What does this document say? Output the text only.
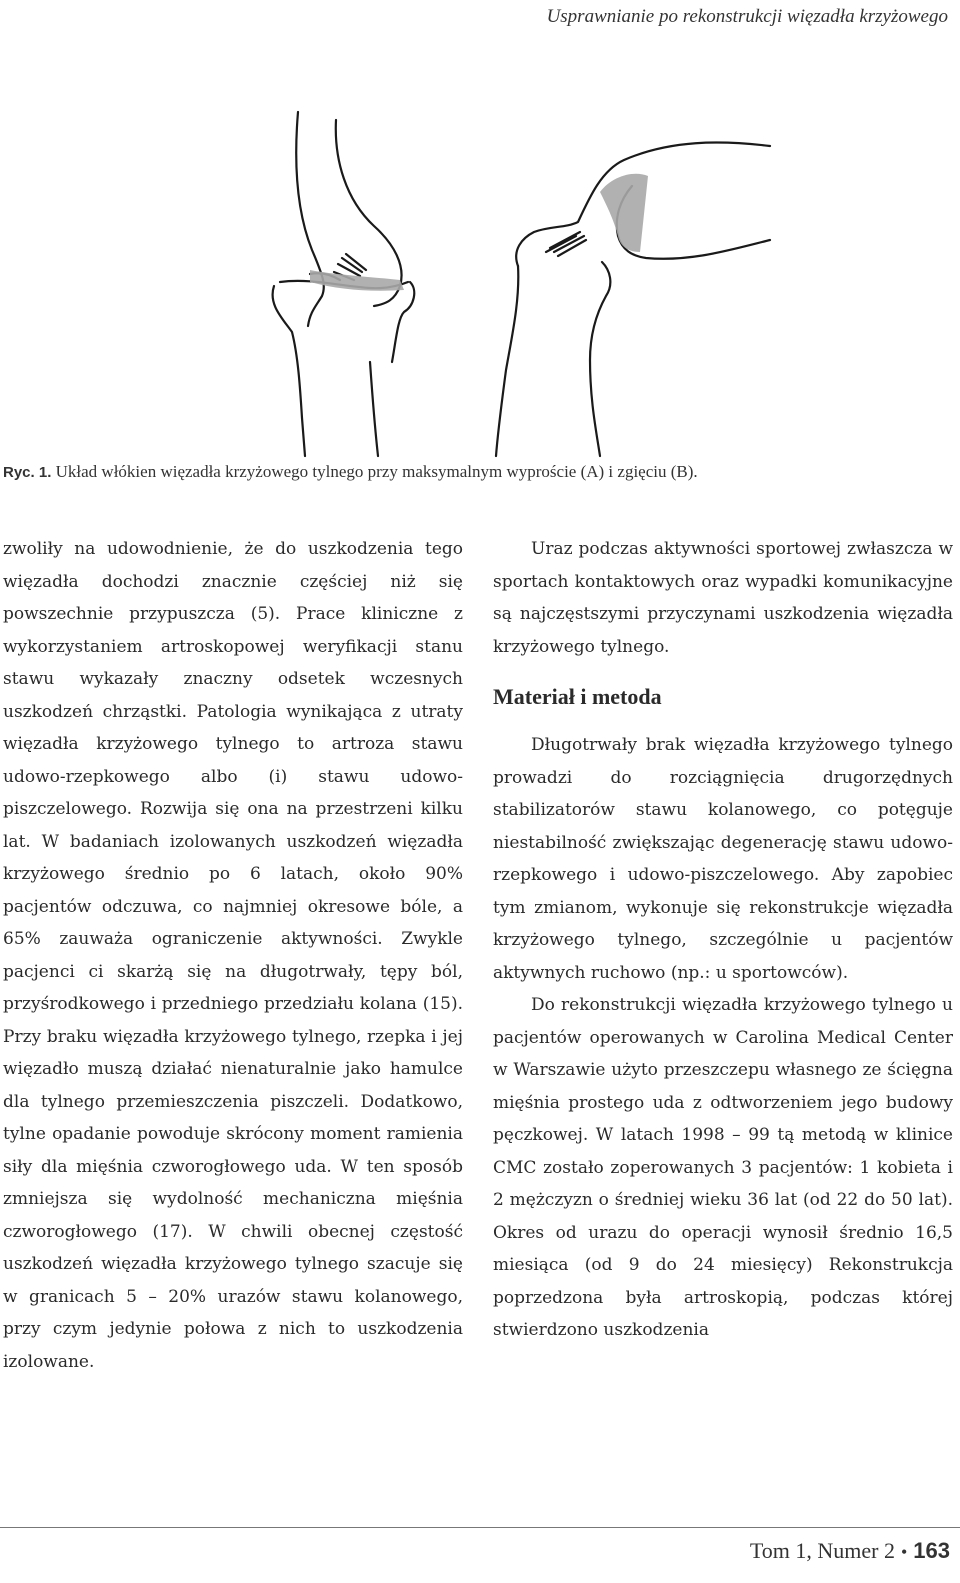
Usprawnianie po rekonstrukcji więzadła krzyżowego
Ryc. 1. Układ włókien więzadła krzyżowego tylnego przy maksymalnym wyproście (A) i zgięciu (B).

zwoliły na udowodnienie, że do uszkodzenia tego więzadła dochodzi znacznie częściej niż się powszechnie przypuszcza (5). Prace kliniczne z wykorzystaniem artroskopowej weryfikacji stanu stawu wykazały znaczny odsetek wczesnych uszkodzeń chrząstki. Patologia wynikająca z utraty więzadła krzyżowego tylnego to artroza stawu udowo-rzepkowego albo (i) stawu udowo-piszczelowego. Rozwija się ona na przestrzeni kilku lat. W badaniach izolowanych uszkodzeń więzadła krzyżowego średnio po 6 latach, około 90% pacjentów odczuwa, co najmniej okresowe bóle, a 65% zauważa ograniczenie aktywności. Zwykle pacjenci ci skarżą się na długotrwały, tępy ból, przyśrodkowego i przedniego przedziału kolana (15). Przy braku więzadła krzyżowego tylnego, rzepka i jej więzadło muszą działać nienaturalnie jako hamulce dla tylnego przemieszczenia piszczeli. Dodatkowo, tylne opadanie powoduje skrócony moment ramienia siły dla mięśnia czworogłowego uda. W ten sposób zmniejsza się wydolność mechaniczna mięśnia czworogłowego (17). W chwili obecnej częstość uszkodzeń więzadła krzyżowego tylnego szacuje się w granicach 5 – 20% urazów stawu kolanowego, przy czym jedynie połowa z nich to uszkodzenia izolowane.

Uraz podczas aktywności sportowej zwłaszcza w sportach kontaktowych oraz wypadki komunikacyjne są najczęstszymi przyczynami uszkodzenia więzadła krzyżowego tylnego.

Materiał i metoda

Długotrwały brak więzadła krzyżowego tylnego prowadzi do rozciągnięcia drugorzędnych stabilizatorów stawu kolanowego, co potęguje niestabilność zwiększając degenerację stawu udowo-rzepkowego i udowo-piszczelowego. Aby zapobiec tym zmianom, wykonuje się rekonstrukcje więzadła krzyżowego tylnego, szczególnie u pacjentów aktywnych ruchowo (np.: u sportowców).

Do rekonstrukcji więzadła krzyżowego tylnego u pacjentów operowanych w Carolina Medical Center w Warszawie użyto przeszczepu własnego ze ścięgna mięśnia prostego uda z odtworzeniem jego budowy pęczkowej. W latach 1998 – 99 tą metodą w klinice CMC zostało zoperowanych 3 pacjentów: 1 kobieta i 2 mężczyzn o średniej wieku 36 lat (od 22 do 50 lat). Okres od urazu do operacji wynosił średnio 16,5 miesiąca (od 9 do 24 miesięcy) Rekonstrukcja poprzedzona była artroskopią, podczas której stwierdzono uszkodzenia

Tom 1, Numer 2 • 163
